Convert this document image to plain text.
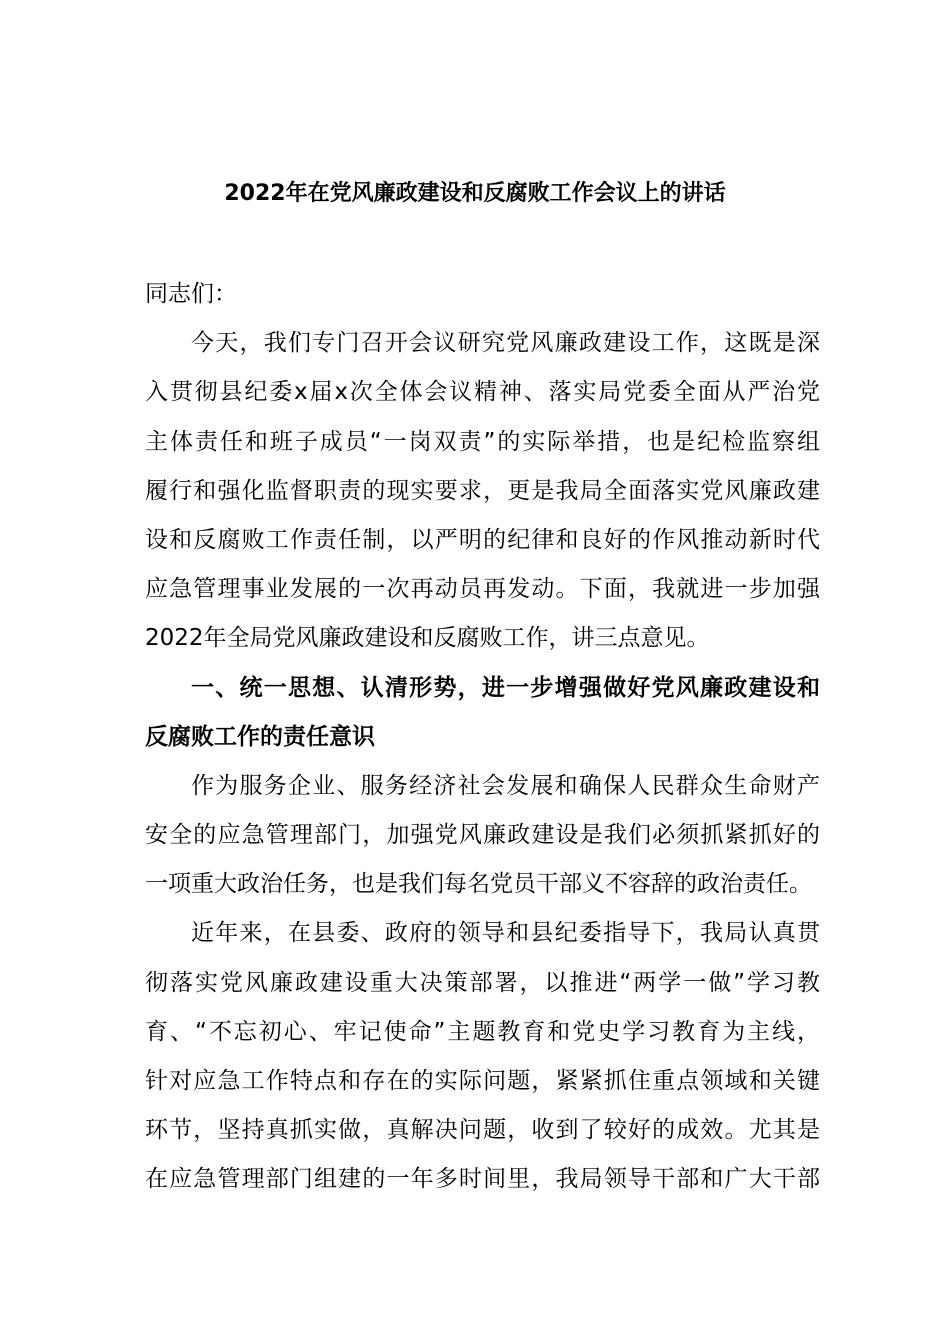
2022年在党风廉政建设和反腐败工作会议上的讲话
同志们：
今天，我们专门召开会议研究党风廉政建设工作，这既是深
入贯彻县纪委x届x次全体会议精神、落实局党委全面从严治党
主体责任和班子成员“一岗双责”的实际举措，也是纪检监察组
履行和强化监督职责的现实要求，更是我局全面落实党风廉政建
设和反腐败工作责任制，以严明的纪律和良好的作风推动新时代
应急管理事业发展的一次再动员再发动。下面，我就进一步加强
2022年全局党风廉政建设和反腐败工作，讲三点意见。
一、统一思想、认清形势，进一步增强做好党风廉政建设和
反腐败工作的责任意识
作为服务企业、服务经济社会发展和确保人民群众生命财产
安全的应急管理部门，加强党风廉政建设是我们必须抓紧抓好的
一项重大政治任务，也是我们每名党员干部义不容辞的政治责任。
近年来，在县委、政府的领导和县纪委指导下，我局认真贯
彻落实党风廉政建设重大决策部署，以推进“两学一做”学习教
育、“不忘初心、牢记使命”主题教育和党史学习教育为主线，
针对应急工作特点和存在的实际问题，紧紧抓住重点领域和关键
环节，坚持真抓实做，真解决问题，收到了较好的成效。尤其是
在应急管理部门组建的一年多时间里，我局领导干部和广大干部
